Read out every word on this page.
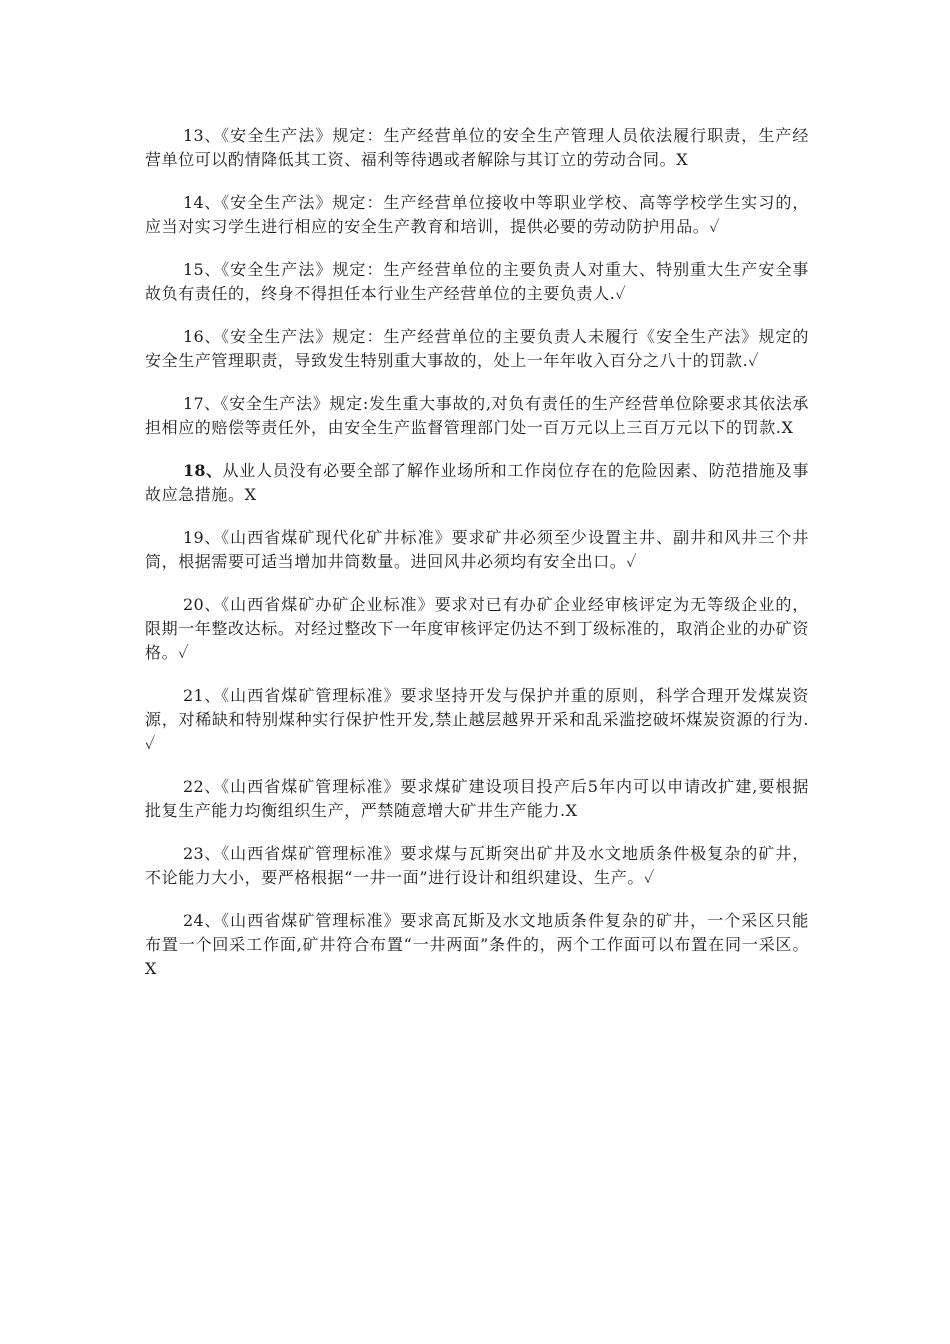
13、《安全生产法》规定：生产经营单位的安全生产管理人员依法履行职责，生产经营单位可以酌情降低其工资、福利等待遇或者解除与其订立的劳动合同。X

14、《安全生产法》规定：生产经营单位接收中等职业学校、高等学校学生实习的，应当对实习学生进行相应的安全生产教育和培训，提供必要的劳动防护用品。✓

15、《安全生产法》规定：生产经营单位的主要负责人对重大、特别重大生产安全事故负有责任的，终身不得担任本行业生产经营单位的主要负责人.✓

16、《安全生产法》规定：生产经营单位的主要负责人未履行《安全生产法》规定的安全生产管理职责，导致发生特别重大事故的，处上一年年收入百分之八十的罚款.✓

17、《安全生产法》规定:发生重大事故的,对负有责任的生产经营单位除要求其依法承担相应的赔偿等责任外，由安全生产监督管理部门处一百万元以上三百万元以下的罚款.X

18、从业人员没有必要全部了解作业场所和工作岗位存在的危险因素、防范措施及事故应急措施。X

19、《山西省煤矿现代化矿井标准》要求矿井必须至少设置主井、副井和风井三个井筒，根据需要可适当增加井筒数量。进回风井必须均有安全出口。✓

20、《山西省煤矿办矿企业标准》要求对已有办矿企业经审核评定为无等级企业的，限期一年整改达标。对经过整改下一年度审核评定仍达不到丁级标准的，取消企业的办矿资格。✓

21、《山西省煤矿管理标准》要求坚持开发与保护并重的原则，科学合理开发煤炭资源，对稀缺和特别煤种实行保护性开发,禁止越层越界开采和乱采滥挖破坏煤炭资源的行为.✓

22、《山西省煤矿管理标准》要求煤矿建设项目投产后5年内可以申请改扩建,要根据批复生产能力均衡组织生产，严禁随意增大矿井生产能力.X

23、《山西省煤矿管理标准》要求煤与瓦斯突出矿井及水文地质条件极复杂的矿井，不论能力大小，要严格根据“一井一面”进行设计和组织建设、生产。✓

24、《山西省煤矿管理标准》要求高瓦斯及水文地质条件复杂的矿井，一个采区只能布置一个回采工作面,矿井符合布置“一井两面”条件的，两个工作面可以布置在同一采区。X
